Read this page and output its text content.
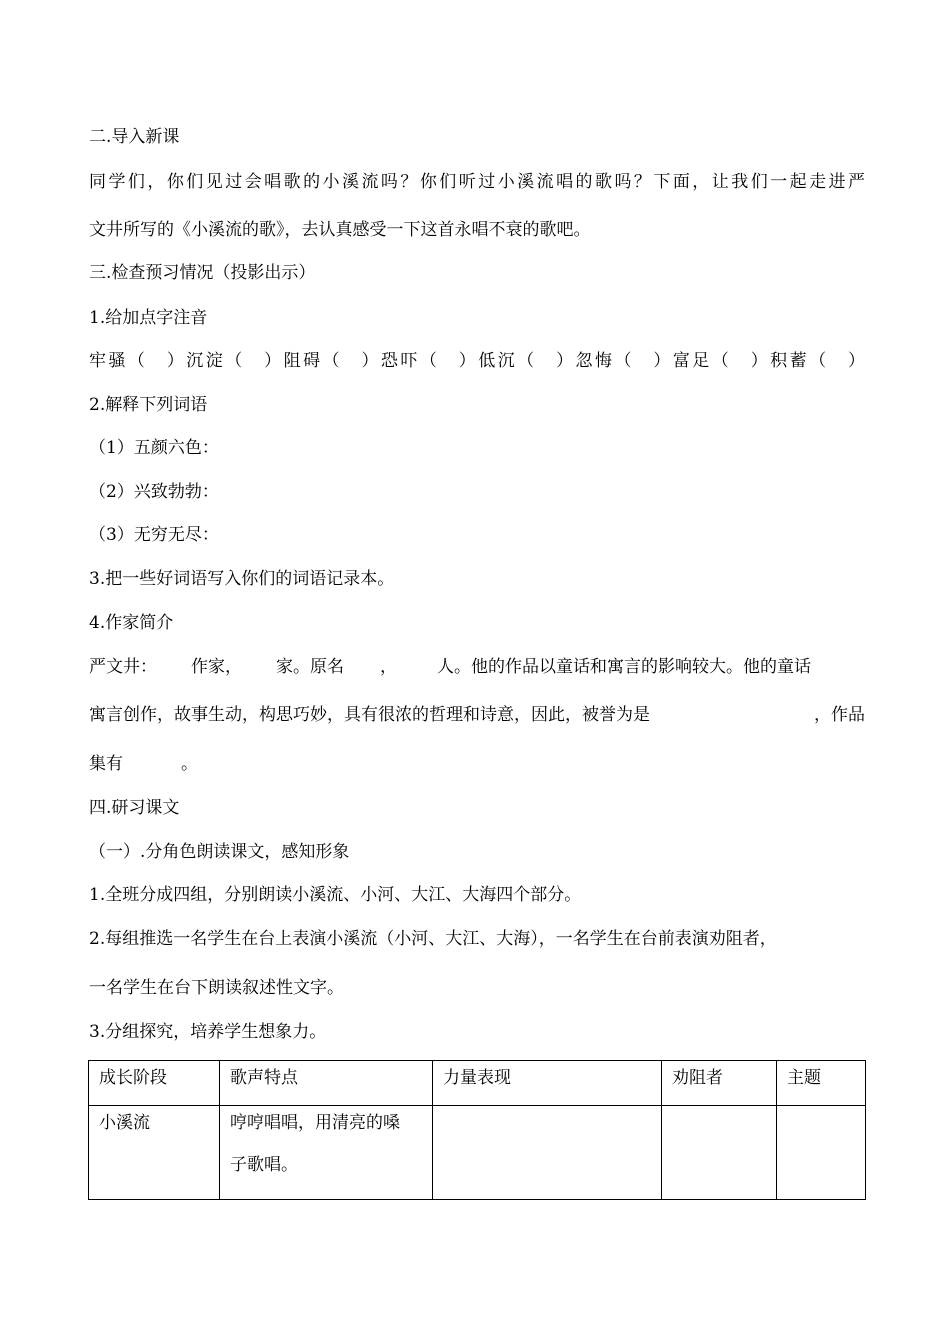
二.导入新课
同学们，你们见过会唱歌的小溪流吗？你们听过小溪流唱的歌吗？下面，让我们一起走进严
文井所写的《小溪流的歌》，去认真感受一下这首永唱不衰的歌吧。
三.检查预习情况（投影出示）
1.给加点字注音
牢骚（　）沉淀（　）阻碍（　）恐吓（　）低沉（　）忽悔（　）富足（　）积蓄（　）
2.解释下列词语
（1）五颜六色：
（2）兴致勃勃：
（3）无穷无尽：
3.把一些好词语写入你们的词语记录本。
4.作家简介
严文井： 作家， 家。原名 ， 人。他的作品以童话和寓言的影响较大。他的童话
寓言创作，故事生动，构思巧妙，具有很浓的哲理和诗意，因此，被誉为是	，作品
集有	。
四.研习课文
（一）.分角色朗读课文，感知形象
1.全班分成四组，分别朗读小溪流、小河、大江、大海四个部分。
2.每组推选一名学生在台上表演小溪流（小河、大江、大海），一名学生在台前表演劝阻者，
一名学生在台下朗读叙述性文字。
3.分组探究，培养学生想象力。
成长阶段	歌声特点	力量表现	劝阻者	主题
小溪流	哼哼唱唱，用清亮的嗓
子歌唱。			
